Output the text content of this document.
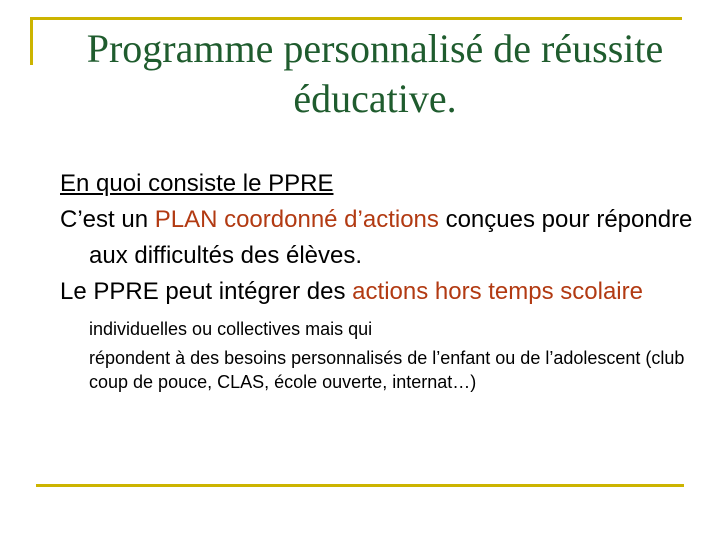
Programme personnalisé de réussite
éducative.

En quoi consiste le PPRE

C’est un PLAN coordonné d’actions conçues pour répondre aux difficultés des élèves.

Le PPRE peut intégrer des actions hors temps scolaire individuelles ou collectives mais qui

répondent à des besoins personnalisés de l’enfant ou de l’adolescent (club coup de pouce, CLAS, école ouverte, internat…)
